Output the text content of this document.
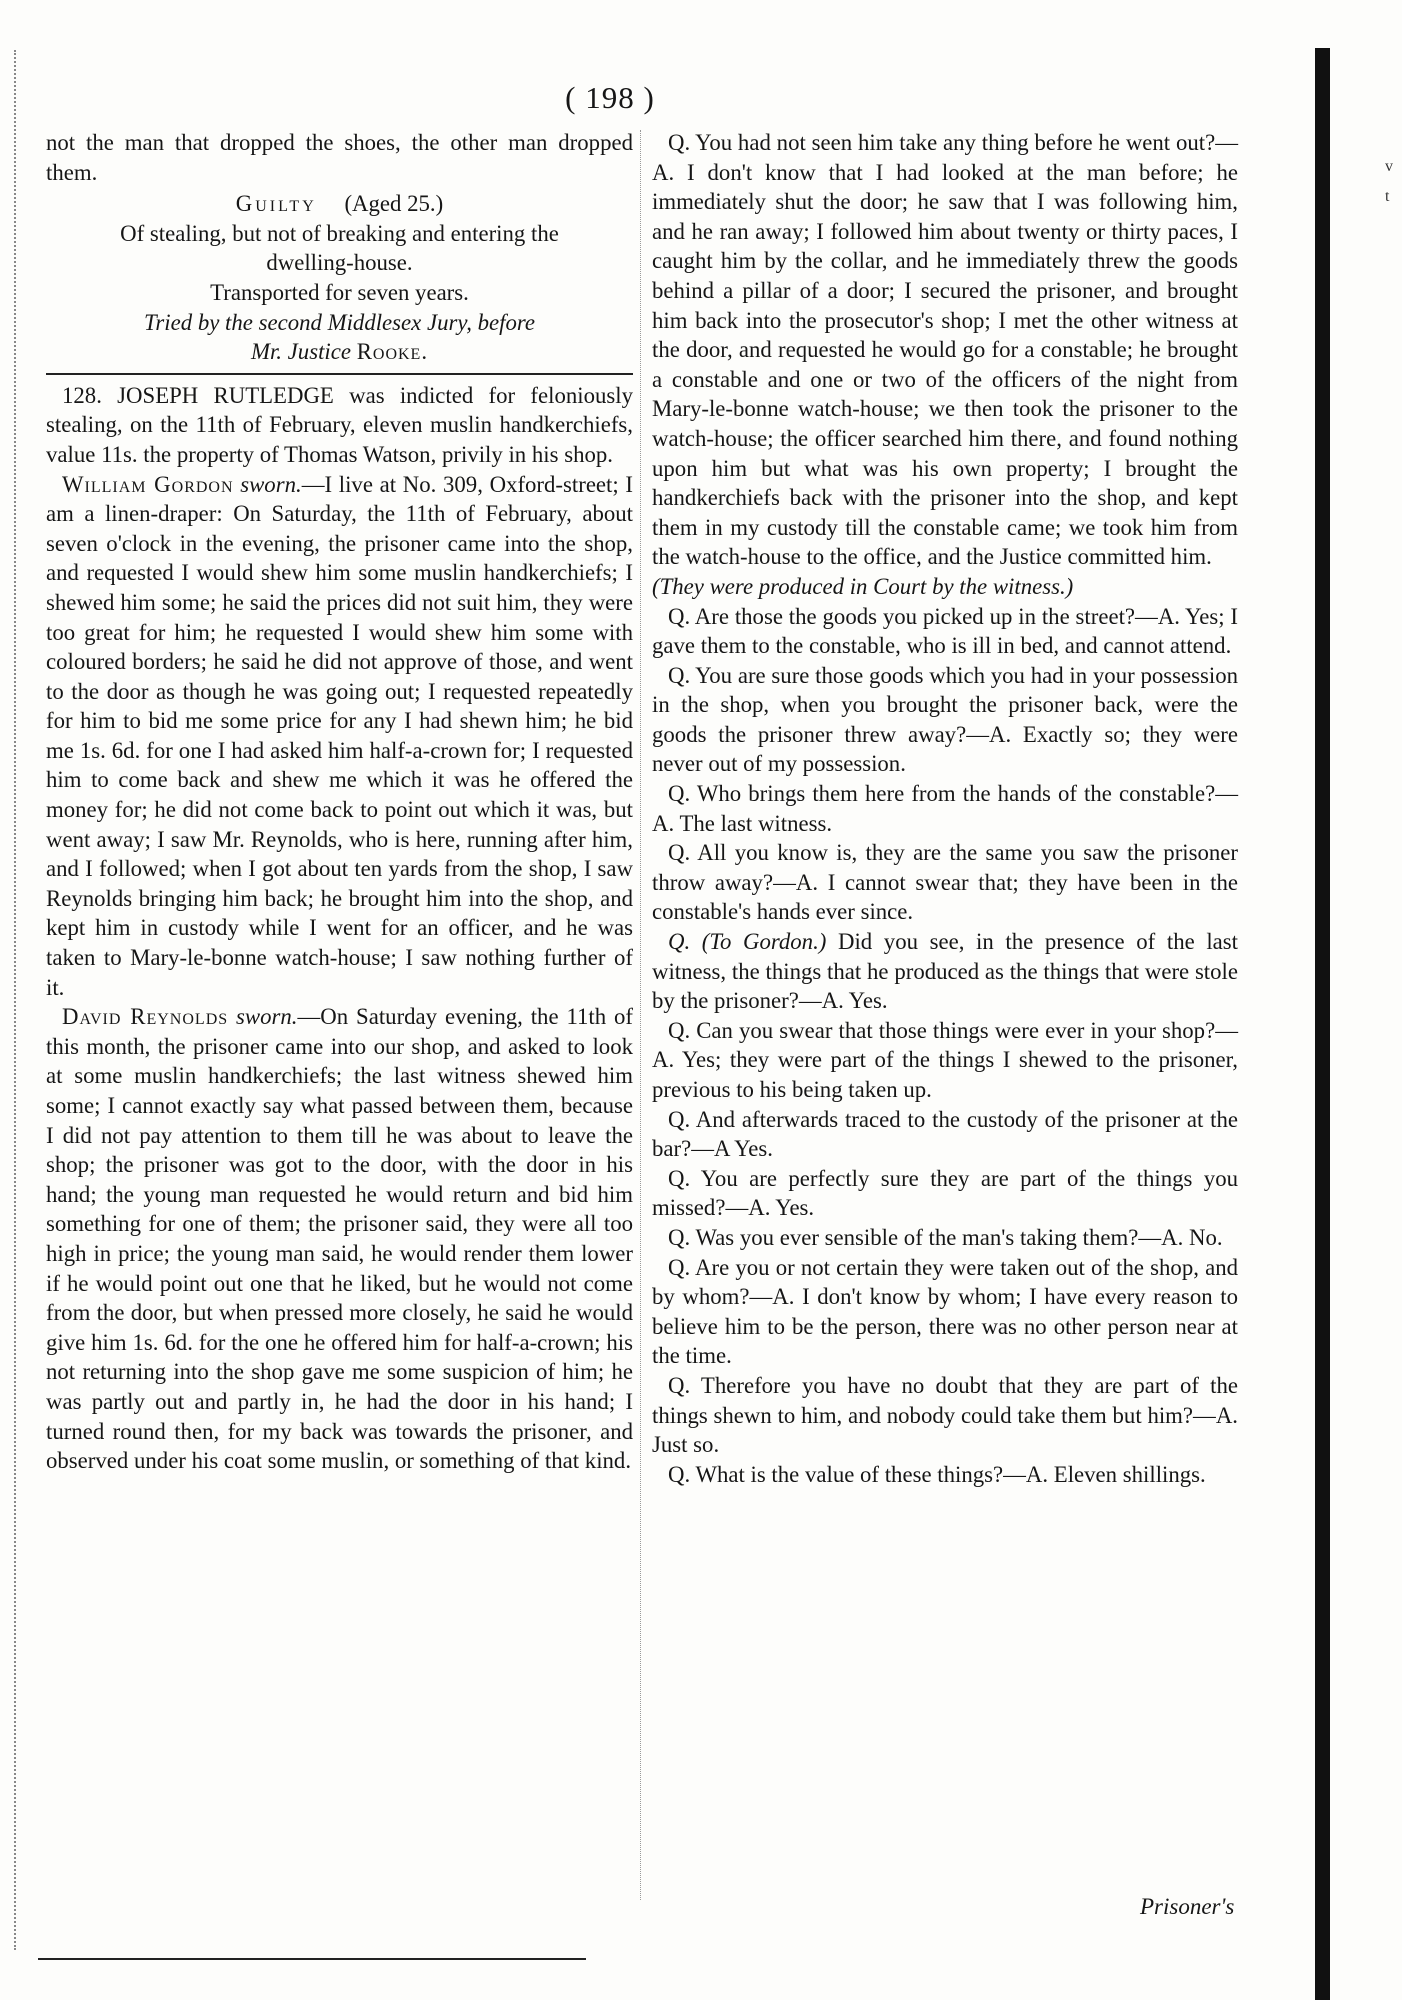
( 198 )

not the man that dropped the shoes, the other man dropped them.

Guilty (Aged 25.)

Of stealing, but not of breaking and entering the

dwelling-house.

Transported for seven years.

Tried by the second Middlesex Jury, before

Mr. Justice Rooke.

128. JOSEPH RUTLEDGE was indicted for feloniously stealing, on the 11th of February, eleven muslin handkerchiefs, value 11s. the property of Thomas Watson, privily in his shop.

William Gordon sworn.—I live at No. 309, Oxford-street; I am a linen-draper: On Saturday, the 11th of February, about seven o'clock in the evening, the prisoner came into the shop, and requested I would shew him some muslin handkerchiefs; I shewed him some; he said the prices did not suit him, they were too great for him; he requested I would shew him some with coloured borders; he said he did not approve of those, and went to the door as though he was going out; I requested repeatedly for him to bid me some price for any I had shewn him; he bid me 1s. 6d. for one I had asked him half-a-crown for; I requested him to come back and shew me which it was he offered the money for; he did not come back to point out which it was, but went away; I saw Mr. Reynolds, who is here, running after him, and I followed; when I got about ten yards from the shop, I saw Reynolds bringing him back; he brought him into the shop, and kept him in custody while I went for an officer, and he was taken to Mary-le-bonne watch-house; I saw nothing further of it.

David Reynolds sworn.—On Saturday evening, the 11th of this month, the prisoner came into our shop, and asked to look at some muslin handkerchiefs; the last witness shewed him some; I cannot exactly say what passed between them, because I did not pay attention to them till he was about to leave the shop; the prisoner was got to the door, with the door in his hand; the young man requested he would return and bid him something for one of them; the prisoner said, they were all too high in price; the young man said, he would render them lower if he would point out one that he liked, but he would not come from the door, but when pressed more closely, he said he would give him 1s. 6d. for the one he offered him for half-a-crown; his not returning into the shop gave me some suspicion of him; he was partly out and partly in, he had the door in his hand; I turned round then, for my back was towards the prisoner, and observed under his coat some muslin, or something of that kind.

Q. You had not seen him take any thing before he went out?—A. I don't know that I had looked at the man before; he immediately shut the door; he saw that I was following him, and he ran away; I followed him about twenty or thirty paces, I caught him by the collar, and he immediately threw the goods behind a pillar of a door; I secured the prisoner, and brought him back into the prosecutor's shop; I met the other witness at the door, and requested he would go for a constable; he brought a constable and one or two of the officers of the night from Mary-le-bonne watch-house; we then took the prisoner to the watch-house; the officer searched him there, and found nothing upon him but what was his own property; I brought the handkerchiefs back with the prisoner into the shop, and kept them in my custody till the constable came; we took him from the watch-house to the office, and the Justice committed him.

(They were produced in Court by the witness.)

Q. Are those the goods you picked up in the street?—A. Yes; I gave them to the constable, who is ill in bed, and cannot attend.

Q. You are sure those goods which you had in your possession in the shop, when you brought the prisoner back, were the goods the prisoner threw away?—A. Exactly so; they were never out of my possession.

Q. Who brings them here from the hands of the constable?—A. The last witness.

Q. All you know is, they are the same you saw the prisoner throw away?—A. I cannot swear that; they have been in the constable's hands ever since.

Q. (To Gordon.) Did you see, in the presence of the last witness, the things that he produced as the things that were stole by the prisoner?—A. Yes.

Q. Can you swear that those things were ever in your shop?—A. Yes; they were part of the things I shewed to the prisoner, previous to his being taken up.

Q. And afterwards traced to the custody of the prisoner at the bar?—A Yes.

Q. You are perfectly sure they are part of the things you missed?—A. Yes.

Q. Was you ever sensible of the man's taking them?—A. No.

Q. Are you or not certain they were taken out of the shop, and by whom?—A. I don't know by whom; I have every reason to believe him to be the person, there was no other person near at the time.

Q. Therefore you have no doubt that they are part of the things shewn to him, and nobody could take them but him?—A. Just so.

Q. What is the value of these things?—A. Eleven shillings.

Prisoner's
v
t
